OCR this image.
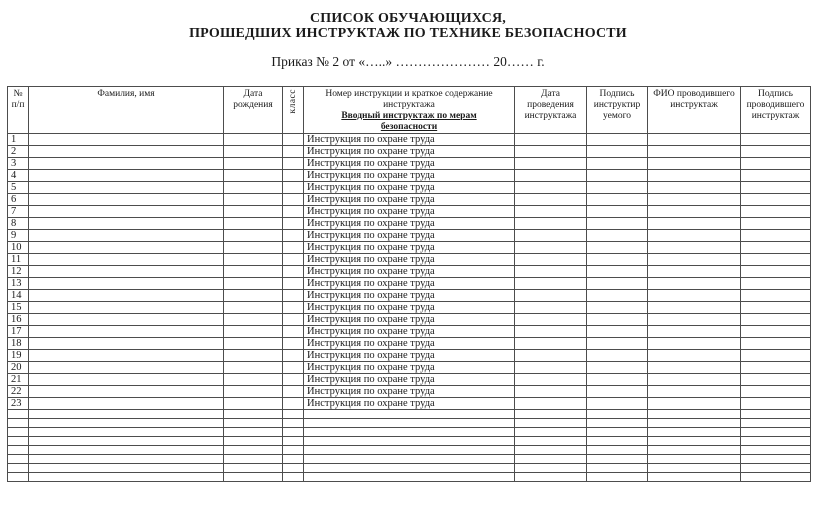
СПИСОК ОБУЧАЮЩИХСЯ,
ПРОШЕДШИХ ИНСТРУКТАЖ ПО ТЕХНИКЕ БЕЗОПАСНОСТИ
Приказ № 2 от «…..» ………………… 20…… г.
№ п/п	Фамилия, имя	Дата рождения	класс	Номер инструкции и краткое содержание инструктажа
Вводный инструктаж по мерам безопасности	Дата проведения инструктажа	Подпись инструктир уемого	ФИО проводившего инструктаж	Подпись проводившего инструктаж
1				Инструкция по охране труда				
2				Инструкция по охране труда				
3				Инструкция по охране труда				
4				Инструкция по охране труда				
5				Инструкция по охране труда				
6				Инструкция по охране труда				
7				Инструкция по охране труда				
8				Инструкция по охране труда				
9				Инструкция по охране труда				
10				Инструкция по охране труда				
11				Инструкция по охране труда				
12				Инструкция по охране труда				
13				Инструкция по охране труда				
14				Инструкция по охране труда				
15				Инструкция по охране труда				
16				Инструкция по охране труда				
17				Инструкция по охране труда				
18				Инструкция по охране труда				
19				Инструкция по охране труда				
20				Инструкция по охране труда				
21				Инструкция по охране труда				
22				Инструкция по охране труда				
23				Инструкция по охране труда				
